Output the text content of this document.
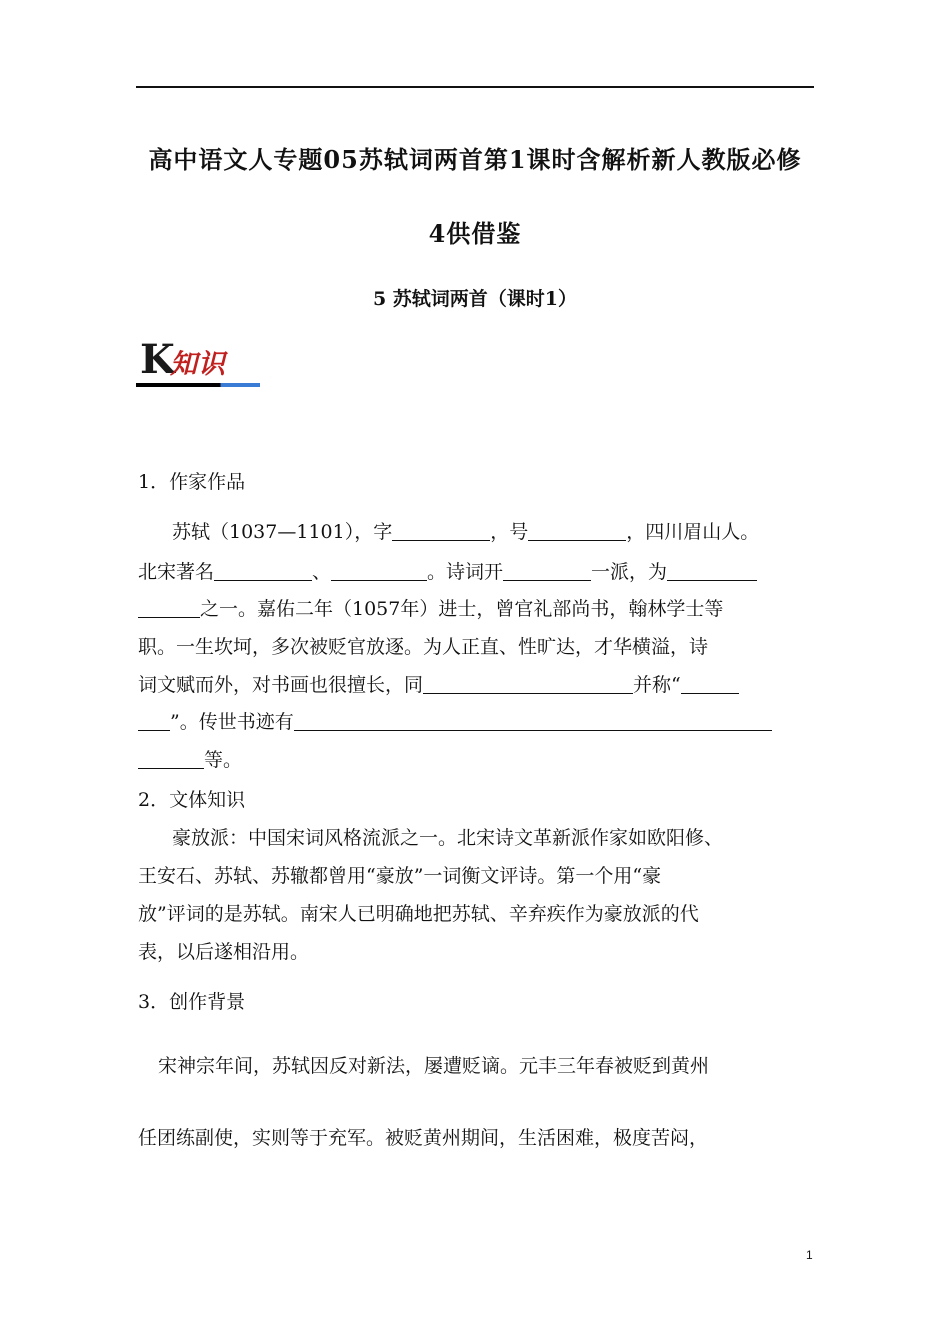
高中语文人专题05苏轼词两首第1课时含解析新人教版必修
4供借鉴
5 苏轼词两首（课时1）
K
知识
1．作家作品
苏轼（1037—1101），字	，号	，四川眉山人。
北宋著名	、	。诗词开	一派，为
之一。嘉佑二年（1057年）进士，曾官礼部尚书，翰林学士等
职。一生坎坷，多次被贬官放逐。为人正直、性旷达，才华横溢，诗
词文赋而外，对书画也很擅长，同	并称“
”。传世书迹有
等。
2．文体知识
豪放派：中国宋词风格流派之一。北宋诗文革新派作家如欧阳修、
王安石、苏轼、苏辙都曾用“豪放”一词衡文评诗。第一个用“豪
放”评词的是苏轼。南宋人已明确地把苏轼、辛弃疾作为豪放派的代
表，以后遂相沿用。
3．创作背景
宋神宗年间，苏轼因反对新法，屡遭贬谪。元丰三年春被贬到黄州
任团练副使，实则等于充军。被贬黄州期间，生活困难，极度苦闷，
1
